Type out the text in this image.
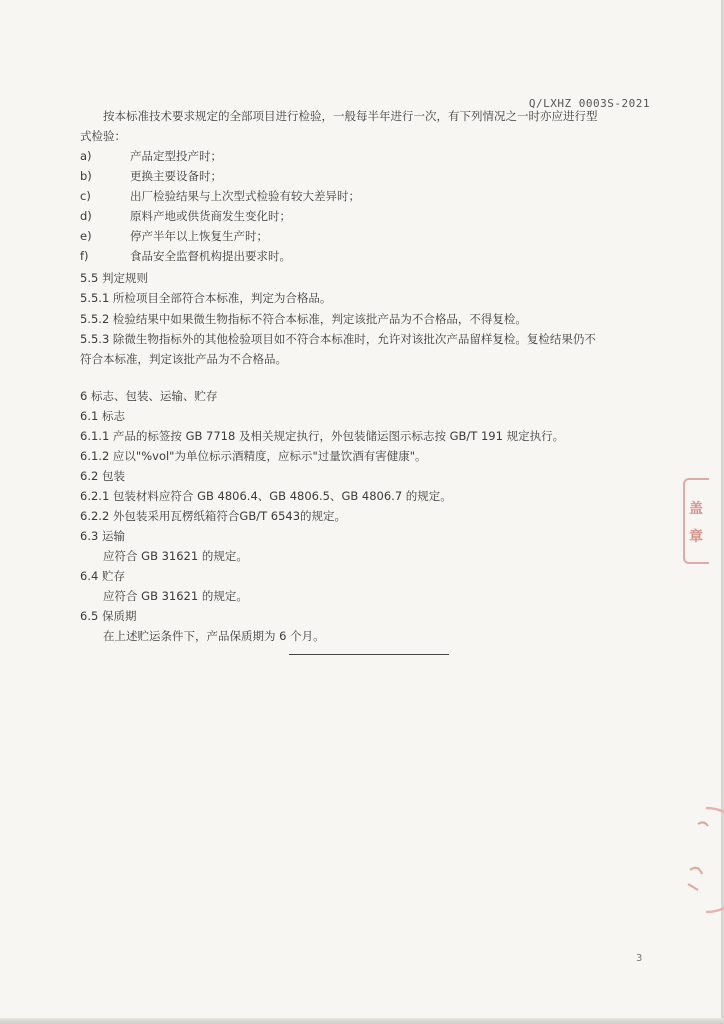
Q/LXHZ 0003S-2021
按本标准技术要求规定的全部项目进行检验，一般每半年进行一次，有下列情况之一时亦应进行型
式检验：
a)	产品定型投产时；
b)	更换主要设备时；
c)	出厂检验结果与上次型式检验有较大差异时；
d)	原料产地或供货商发生变化时；
e)	停产半年以上恢复生产时；
f)	食品安全监督机构提出要求时。
5.5 判定规则
5.5.1 所检项目全部符合本标准，判定为合格品。
5.5.2 检验结果中如果微生物指标不符合本标准，判定该批产品为不合格品，不得复检。
5.5.3 除微生物指标外的其他检验项目如不符合本标准时，允许对该批次产品留样复检。复检结果仍不
符合本标准，判定该批产品为不合格品。
6 标志、包装、运输、贮存
6.1 标志
6.1.1 产品的标签按 GB 7718 及相关规定执行，外包装储运图示标志按 GB/T 191 规定执行。
6.1.2 应以"%vol"为单位标示酒精度，应标示"过量饮酒有害健康"。
6.2 包装
6.2.1 包装材料应符合 GB 4806.4、GB 4806.5、GB 4806.7 的规定。
6.2.2 外包装采用瓦楞纸箱符合GB/T 6543的规定。
6.3 运输
应符合 GB 31621 的规定。
6.4 贮存
应符合 GB 31621 的规定。
6.5 保质期
在上述贮运条件下，产品保质期为 6 个月。
盖
章
3
